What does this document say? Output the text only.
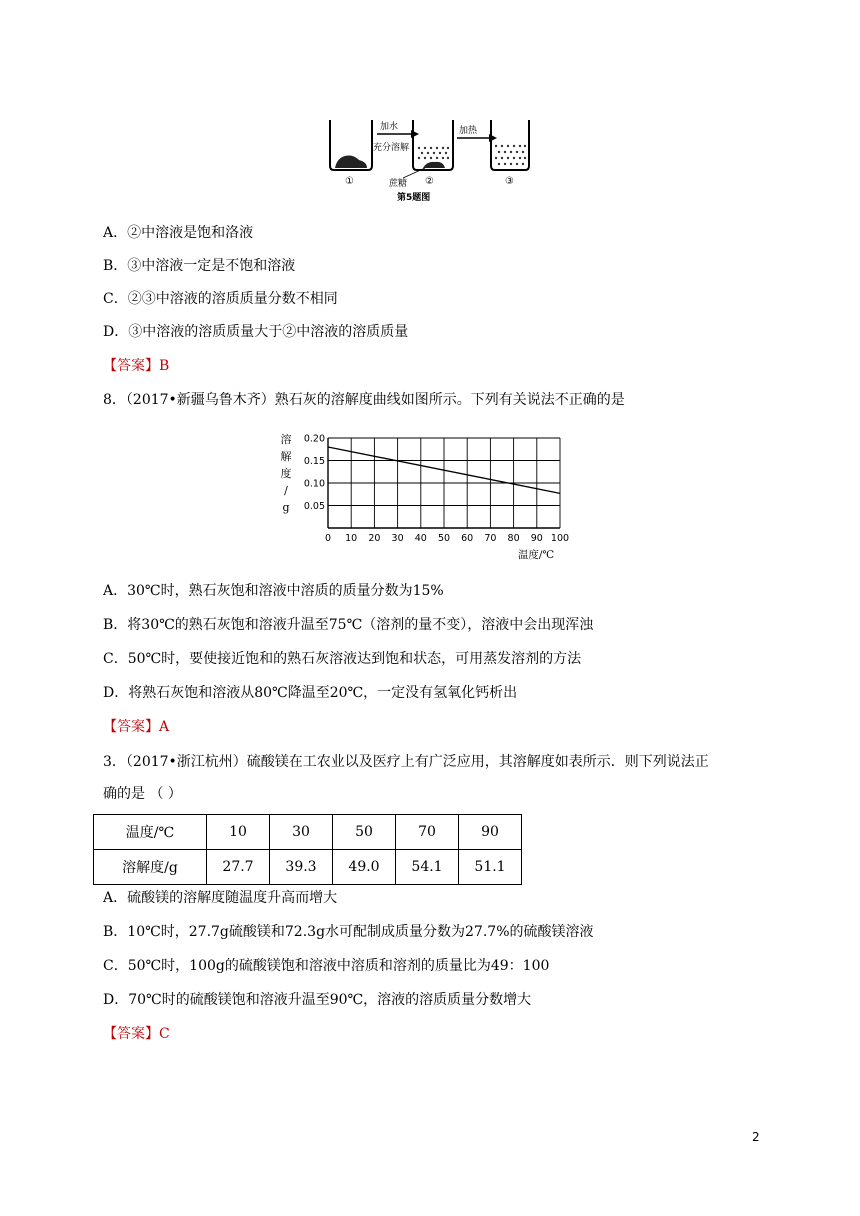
加水
充分溶解
加热
①	②	③
蔗糖
第5题图
A．②中溶液是饱和洛液
B．③中溶液一定是不饱和溶液
C．②③中溶液的溶质质量分数不相同
D．③中溶液的溶质质量大于②中溶液的溶质质量
【答案】B
8．（2017•新疆乌鲁木齐）熟石灰的溶解度曲线如图所示。下列有关说法不正确的是
0 10 20 30 40 50 60 70 80 90 100
0.20
0.15
0.10
0.05
溶
解
度
/
g
温度/℃
A．30℃时，熟石灰饱和溶液中溶质的质量分数为15%
B．将30℃的熟石灰饱和溶液升温至75℃（溶剂的量不变），溶液中会出现浑浊
C．50℃时，要使接近饱和的熟石灰溶液达到饱和状态，可用蒸发溶剂的方法
D．将熟石灰饱和溶液从80℃降温至20℃，一定没有氢氧化钙析出
【答案】A
3．（2017•浙江杭州）硫酸镁在工农业以及医疗上有广泛应用，其溶解度如表所示．则下列说法正
确的是 （ ）
温度/℃	10	30	50	70	90
溶解度/g	27.7	39.3	49.0	54.1	51.1
A．硫酸镁的溶解度随温度升高而增大
B．10℃时，27.7g硫酸镁和72.3g水可配制成质量分数为27.7%的硫酸镁溶液
C．50℃时，100g的硫酸镁饱和溶液中溶质和溶剂的质量比为49：100
D．70℃时的硫酸镁饱和溶液升温至90℃，溶液的溶质质量分数增大
【答案】C
2
